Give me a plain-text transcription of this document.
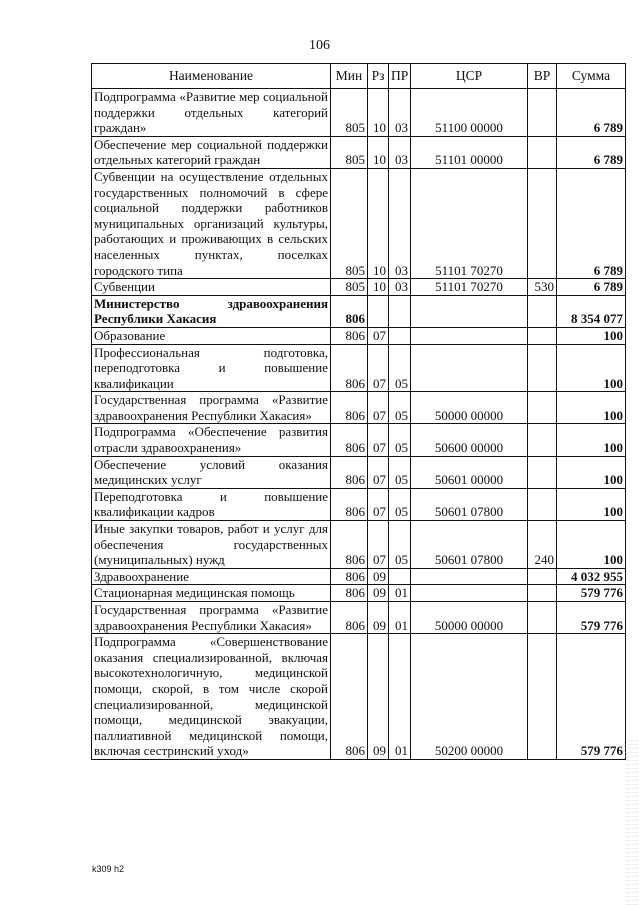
106
Наименование	Мин	Рз	ПР	ЦСР	ВР	Сумма
Подпрограмма «Развитие мер социальной поддержки отдельных категорий граждан»	805	10	03	51100 00000		6 789
Обеспечение мер социальной поддержки отдельных категорий граждан	805	10	03	51101 00000		6 789
Субвенции на осуществление отдельных государственных полномочий в сфере социальной поддержки работников муниципальных организаций культуры, работающих и проживающих в сельских населенных пунктах, поселках городского типа	805	10	03	51101 70270		6 789
Субвенции	805	10	03	51101 70270	530	6 789
Министерство здравоохранения Республики Хакасия	806					8 354 077
Образование	806	07				100
Профессиональная подготовка, переподготовка и повышение квалификации	806	07	05			100
Государственная программа «Развитие здравоохранения Республики Хакасия»	806	07	05	50000 00000		100
Подпрограмма «Обеспечение развития отрасли здравоохранения»	806	07	05	50600 00000		100
Обеспечение условий оказания медицинских услуг	806	07	05	50601 00000		100
Переподготовка и повышение квалификации кадров	806	07	05	50601 07800		100
Иные закупки товаров, работ и услуг для обеспечения государственных (муниципальных) нужд	806	07	05	50601 07800	240	100
Здравоохранение	806	09				4 032 955
Стационарная медицинская помощь	806	09	01			579 776
Государственная программа «Развитие здравоохранения Республики Хакасия»	806	09	01	50000 00000		579 776
Подпрограмма «Совершенствование оказания специализированной, включая высокотехнологичную, медицинской помощи, скорой, в том числе скорой специализированной, медицинской помощи, медицинской эвакуации, паллиативной медицинской помощи, включая сестринский уход»	806	09	01	50200 00000		579 776
k309 h2
